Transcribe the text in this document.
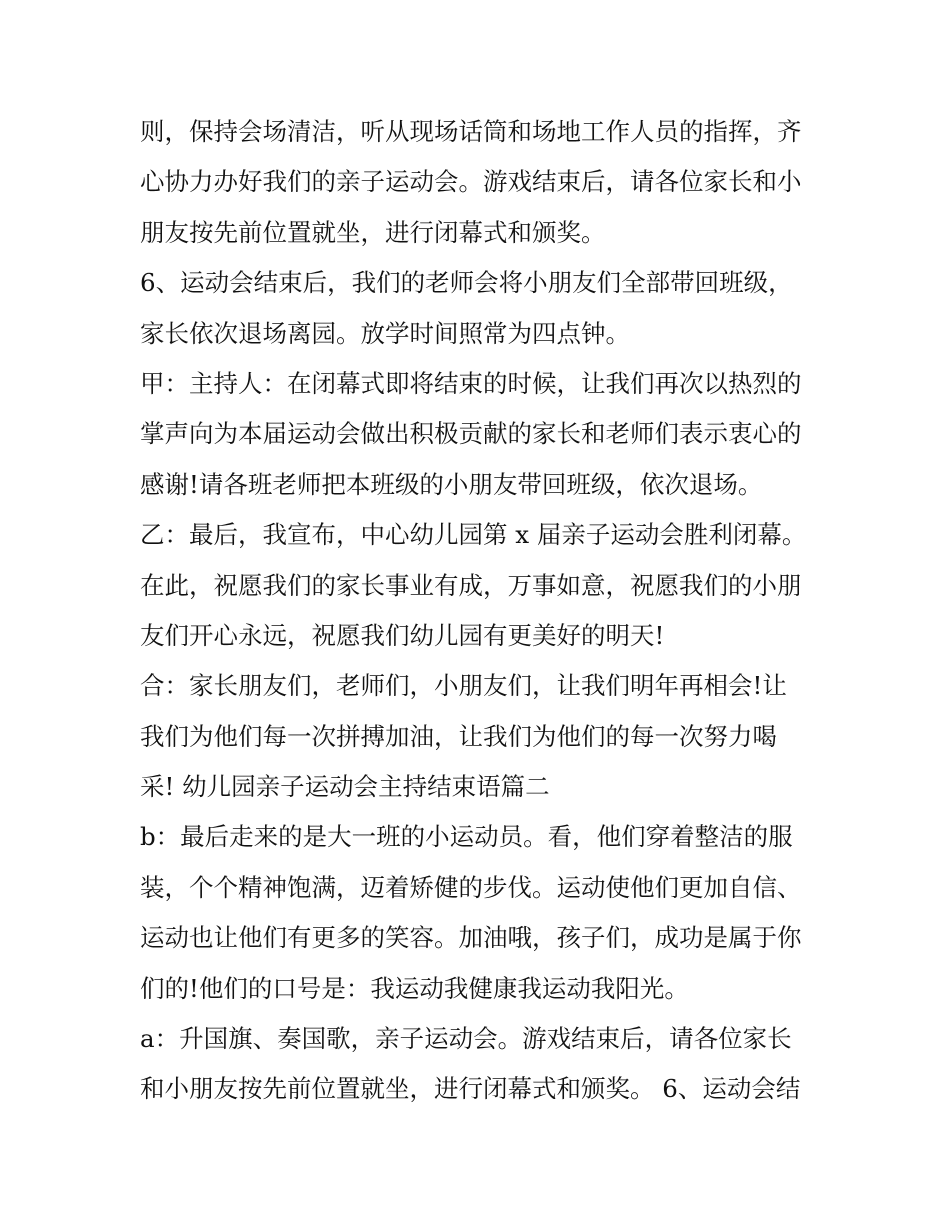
则，保持会场清洁，听从现场话筒和场地工作人员的指挥，齐
心协力办好我们的亲子运动会。游戏结束后，请各位家长和小
朋友按先前位置就坐，进行闭幕式和颁奖。
6、运动会结束后，我们的老师会将小朋友们全部带回班级，
家长依次退场离园。放学时间照常为四点钟。
甲：主持人：在闭幕式即将结束的时候，让我们再次以热烈的
掌声向为本届运动会做出积极贡献的家长和老师们表示衷心的
感谢!请各班老师把本班级的小朋友带回班级，依次退场。
乙：最后，我宣布，中心幼儿园第 x 届亲子运动会胜利闭幕。
在此，祝愿我们的家长事业有成，万事如意，祝愿我们的小朋
友们开心永远，祝愿我们幼儿园有更美好的明天!
合：家长朋友们，老师们，小朋友们，让我们明年再相会!让
我们为他们每一次拼搏加油，让我们为他们的每一次努力喝
采! 幼儿园亲子运动会主持结束语篇二
b：最后走来的是大一班的小运动员。看，他们穿着整洁的服
装，个个精神饱满，迈着矫健的步伐。运动使他们更加自信、
运动也让他们有更多的笑容。加油哦，孩子们，成功是属于你
们的!他们的口号是：我运动我健康我运动我阳光。
a：升国旗、奏国歌，亲子运动会。游戏结束后，请各位家长
和小朋友按先前位置就坐，进行闭幕式和颁奖。 6、运动会结
